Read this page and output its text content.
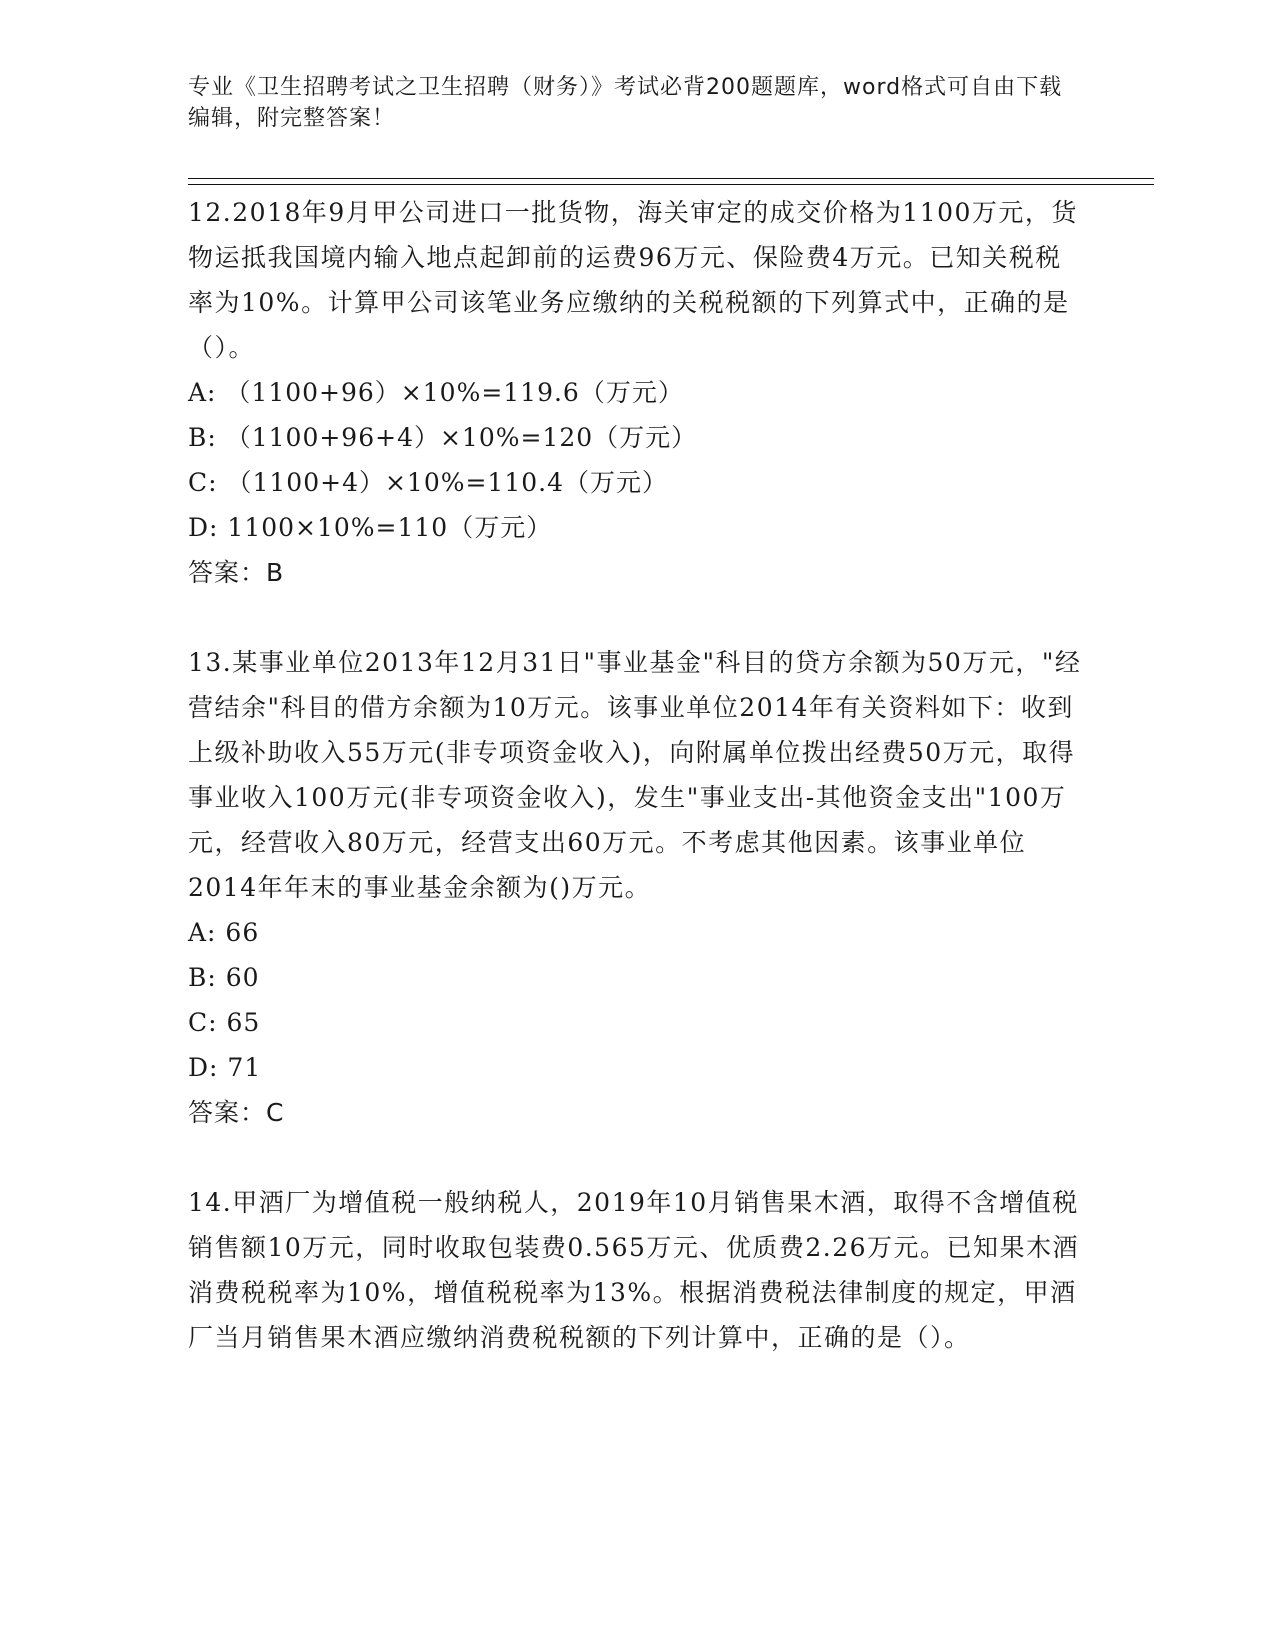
专业《卫生招聘考试之卫生招聘（财务）》考试必背200题题库，word格式可自由下载编辑，附完整答案！

12.2018年9月甲公司进口一批货物，海关审定的成交价格为1100万元，货物运抵我国境内输入地点起卸前的运费96万元、保险费4万元。已知关税税率为10%。计算甲公司该笔业务应缴纳的关税税额的下列算式中，正确的是（）。

A: （1100+96）×10%=119.6（万元）

B: （1100+96+4）×10%=120（万元）

C: （1100+4）×10%=110.4（万元）

D: 1100×10%=110（万元）

答案：B

13.某事业单位2013年12月31日"事业基金"科目的贷方余额为50万元，"经营结余"科目的借方余额为10万元。该事业单位2014年有关资料如下：收到上级补助收入55万元(非专项资金收入)，向附属单位拨出经费50万元，取得事业收入100万元(非专项资金收入)，发生"事业支出-其他资金支出"100万元，经营收入80万元，经营支出60万元。不考虑其他因素。该事业单位2014年年末的事业基金余额为()万元。

A: 66

B: 60

C: 65

D: 71

答案：C

14.甲酒厂为增值税一般纳税人，2019年10月销售果木酒，取得不含增值税销售额10万元，同时收取包装费0.565万元、优质费2.26万元。已知果木酒消费税税率为10%，增值税税率为13%。根据消费税法律制度的规定，甲酒厂当月销售果木酒应缴纳消费税税额的下列计算中，正确的是（）。
